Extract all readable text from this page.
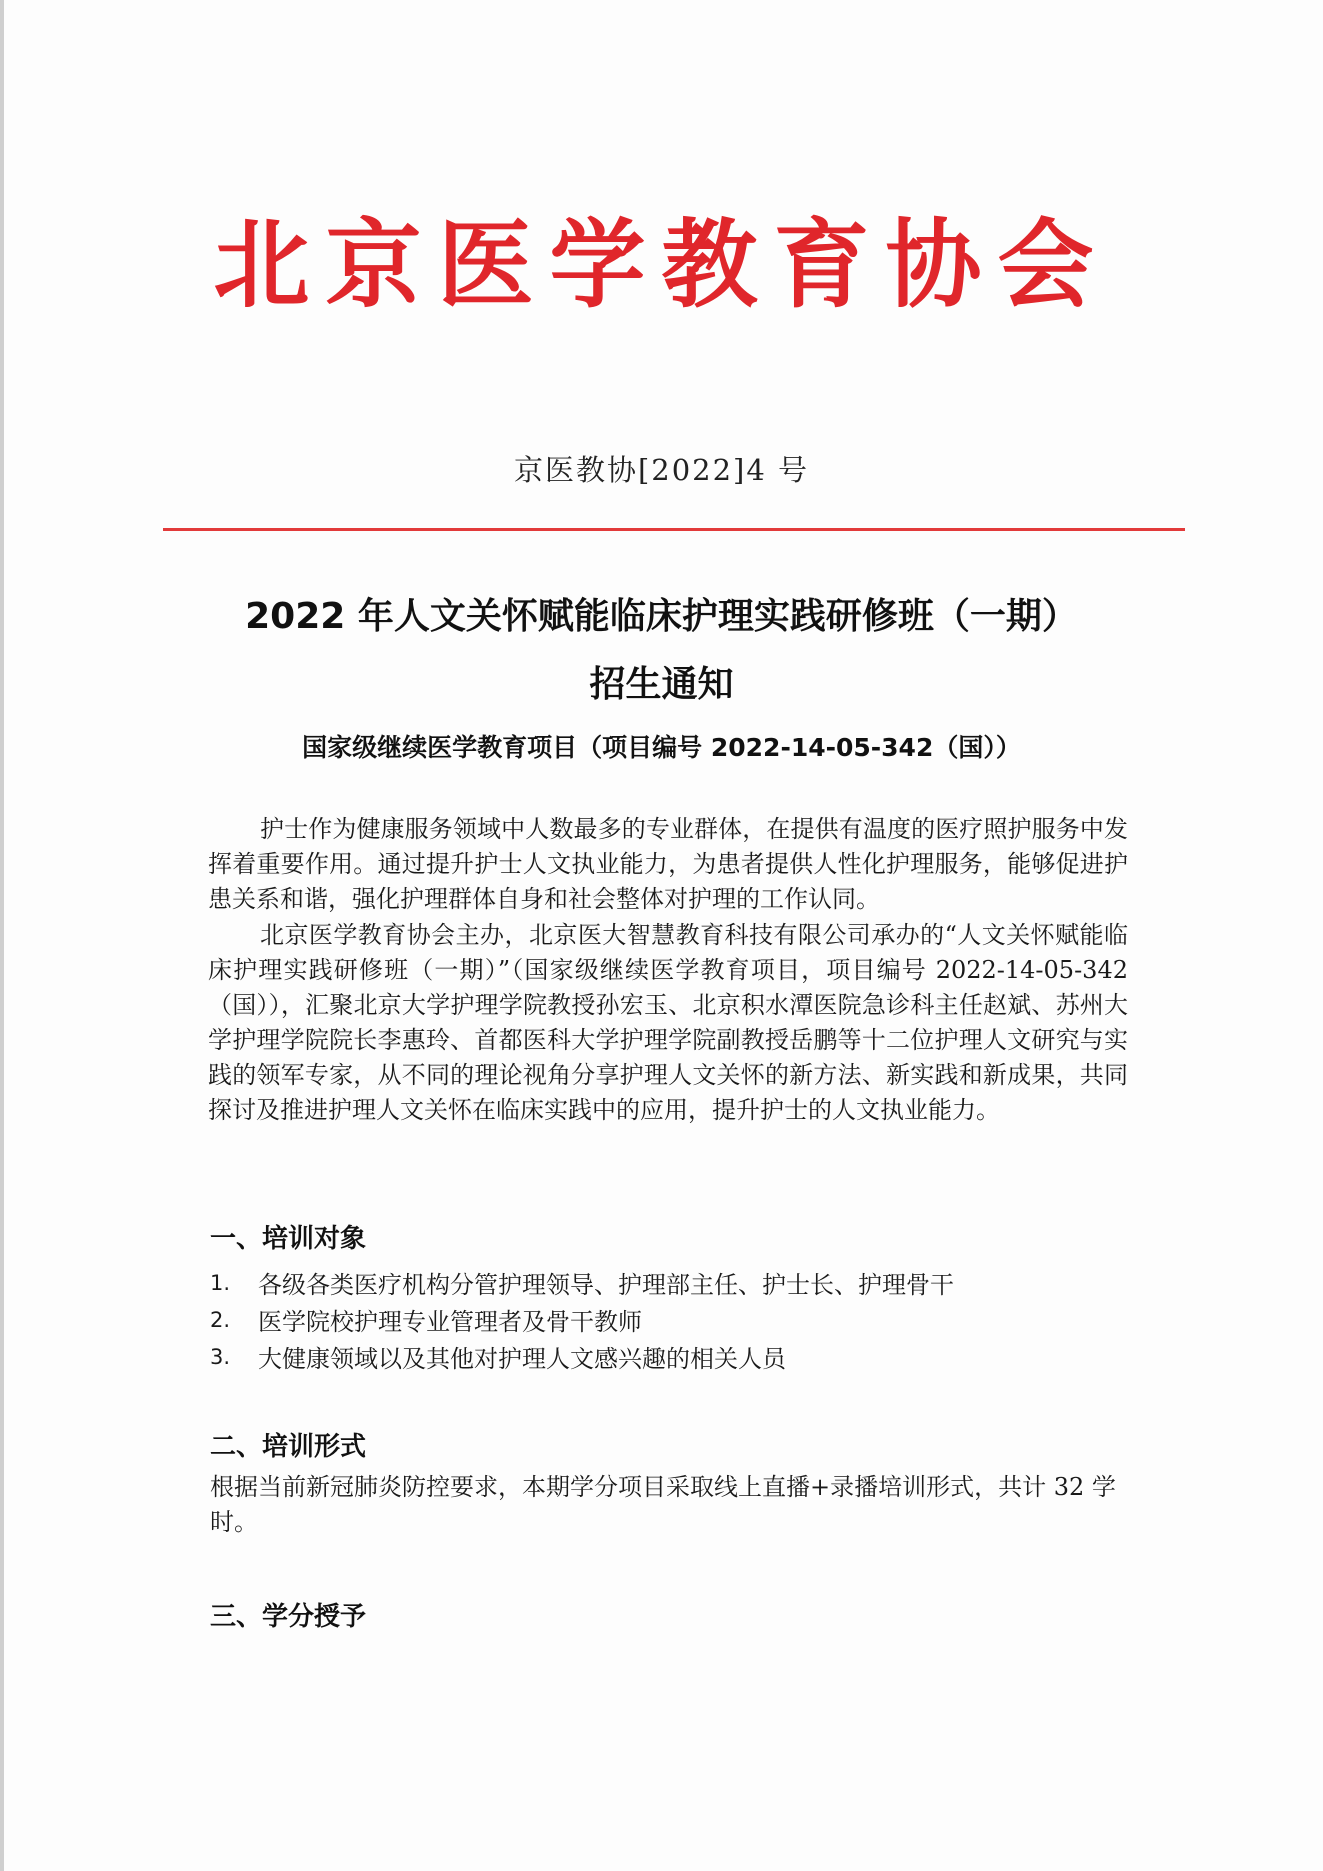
北京医学教育协会
京医教协[2022]4 号
2022 年人文关怀赋能临床护理实践研修班（一期）
招生通知
国家级继续医学教育项目（项目编号 2022-14-05-342（国））

护士作为健康服务领域中人数最多的专业群体，在提供有温度的医疗照护服务中发挥着重要作用。通过提升护士人文执业能力，为患者提供人性化护理服务，能够促进护患关系和谐，强化护理群体自身和社会整体对护理的工作认同。

北京医学教育协会主办，北京医大智慧教育科技有限公司承办的“人文关怀赋能临床护理实践研修班（一期）”（国家级继续医学教育项目，项目编号 2022-14-05-342（国）），汇聚北京大学护理学院教授孙宏玉、北京积水潭医院急诊科主任赵斌、苏州大学护理学院院长李惠玲、首都医科大学护理学院副教授岳鹏等十二位护理人文研究与实践的领军专家，从不同的理论视角分享护理人文关怀的新方法、新实践和新成果，共同探讨及推进护理人文关怀在临床实践中的应用，提升护士的人文执业能力。

一、培训对象
1.	各级各类医疗机构分管护理领导、护理部主任、护士长、护理骨干
2.	医学院校护理专业管理者及骨干教师
3.	大健康领域以及其他对护理人文感兴趣的相关人员
二、培训形式

根据当前新冠肺炎防控要求，本期学分项目采取线上直播+录播培训形式，共计 32 学时。

三、学分授予
